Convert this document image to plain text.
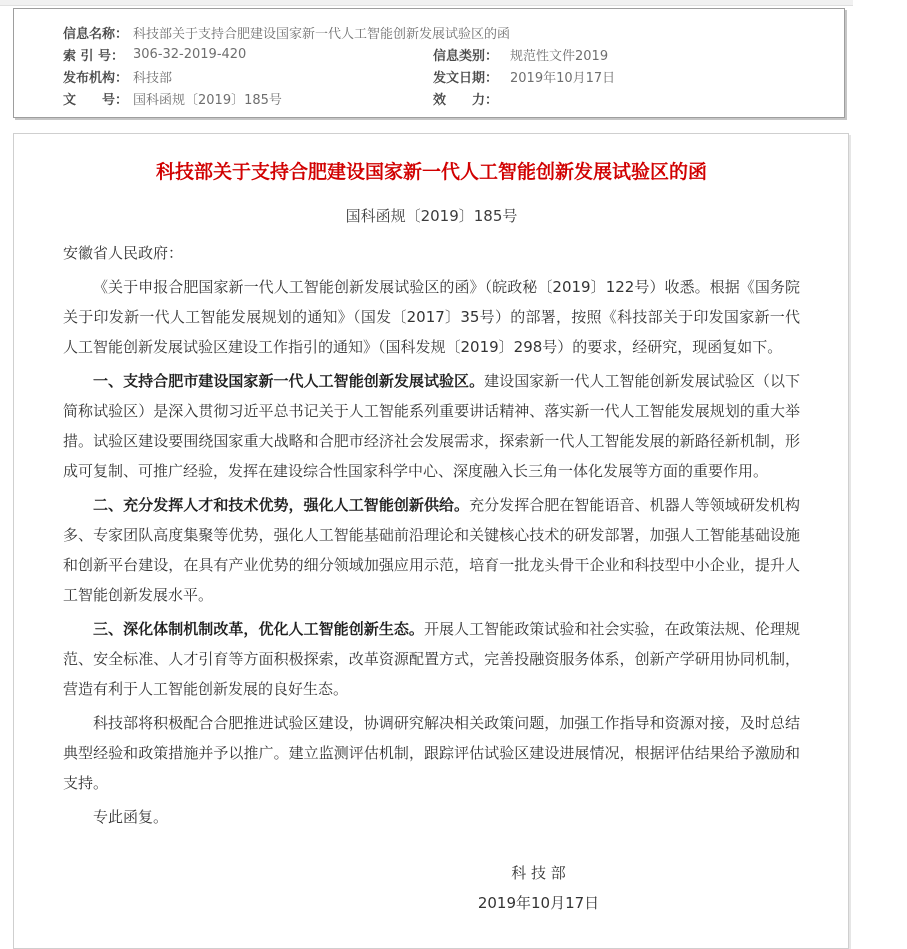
信息名称： 科技部关于支持合肥建设国家新一代人工智能创新发展试验区的函
索 引 号： 306-32-2019-420	信息类别： 规范性文件2019
发布机构： 科技部	发文日期： 2019年10月17日
文　　号： 国科函规〔2019〕185号	效　　力：
科技部关于支持合肥建设国家新一代人工智能创新发展试验区的函
国科函规〔2019〕185号

安徽省人民政府：

《关于申报合肥国家新一代人工智能创新发展试验区的函》（皖政秘〔2019〕122号）收悉。根据《国务院关于印发新一代人工智能发展规划的通知》（国发〔2017〕35号）的部署，按照《科技部关于印发国家新一代人工智能创新发展试验区建设工作指引的通知》（国科发规〔2019〕298号）的要求，经研究，现函复如下。

一、支持合肥市建设国家新一代人工智能创新发展试验区。建设国家新一代人工智能创新发展试验区（以下简称试验区）是深入贯彻习近平总书记关于人工智能系列重要讲话精神、落实新一代人工智能发展规划的重大举措。试验区建设要围绕国家重大战略和合肥市经济社会发展需求，探索新一代人工智能发展的新路径新机制，形成可复制、可推广经验，发挥在建设综合性国家科学中心、深度融入长三角一体化发展等方面的重要作用。

二、充分发挥人才和技术优势，强化人工智能创新供给。充分发挥合肥在智能语音、机器人等领域研发机构多、专家团队高度集聚等优势，强化人工智能基础前沿理论和关键核心技术的研发部署，加强人工智能基础设施和创新平台建设，在具有产业优势的细分领域加强应用示范，培育一批龙头骨干企业和科技型中小企业，提升人工智能创新发展水平。

三、深化体制机制改革，优化人工智能创新生态。开展人工智能政策试验和社会实验，在政策法规、伦理规范、安全标准、人才引育等方面积极探索，改革资源配置方式，完善投融资服务体系，创新产学研用协同机制，营造有利于人工智能创新发展的良好生态。

科技部将积极配合合肥推进试验区建设，协调研究解决相关政策问题，加强工作指导和资源对接，及时总结典型经验和政策措施并予以推广。建立监测评估机制，跟踪评估试验区建设进展情况，根据评估结果给予激励和支持。

专此函复。

科 技 部
2019年10月17日
